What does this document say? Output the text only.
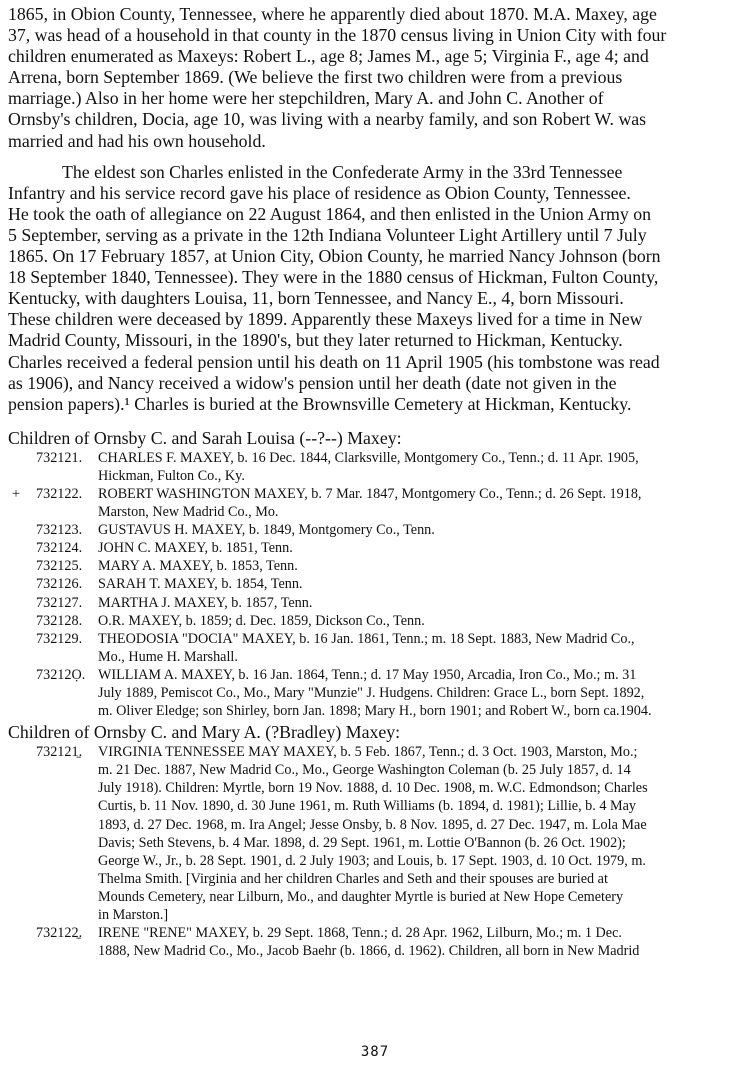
1865, in Obion County, Tennessee, where he apparently died about 1870. M.A. Maxey, age
37, was head of a household in that county in the 1870 census living in Union City with four
children enumerated as Maxeys: Robert L., age 8; James M., age 5; Virginia F., age 4; and
Arrena, born September 1869. (We believe the first two children were from a previous
marriage.) Also in her home were her stepchildren, Mary A. and John C. Another of
Ornsby's children, Docia, age 10, was living with a nearby family, and son Robert W. was
married and had his own household.

The eldest son Charles enlisted in the Confederate Army in the 33rd Tennessee
Infantry and his service record gave his place of residence as Obion County, Tennessee.
He took the oath of allegiance on 22 August 1864, and then enlisted in the Union Army on
5 September, serving as a private in the 12th Indiana Volunteer Light Artillery until 7 July
1865. On 17 February 1857, at Union City, Obion County, he married Nancy Johnson (born
18 September 1840, Tennessee). They were in the 1880 census of Hickman, Fulton County,
Kentucky, with daughters Louisa, 11, born Tennessee, and Nancy E., 4, born Missouri.
These children were deceased by 1899. Apparently these Maxeys lived for a time in New
Madrid County, Missouri, in the 1890's, but they later returned to Hickman, Kentucky.
Charles received a federal pension until his death on 11 April 1905 (his tombstone was read
as 1906), and Nancy received a widow's pension until her death (date not given in the
pension papers).¹ Charles is buried at the Brownsville Cemetery at Hickman, Kentucky.

Children of Ornsby C. and Sarah Louisa (--?--) Maxey:

732121.	CHARLES F. MAXEY, b. 16 Dec. 1844, Clarksville, Montgomery Co., Tenn.; d. 11 Apr. 1905,
Hickman, Fulton Co., Ky.
+	732122.	ROBERT WASHINGTON MAXEY, b. 7 Mar. 1847, Montgomery Co., Tenn.; d. 26 Sept. 1918,
Marston, New Madrid Co., Mo.
732123.	GUSTAVUS H. MAXEY, b. 1849, Montgomery Co., Tenn.
732124.	JOHN C. MAXEY, b. 1851, Tenn.
732125.	MARY A. MAXEY, b. 1853, Tenn.
732126.	SARAH T. MAXEY, b. 1854, Tenn.
732127.	MARTHA J. MAXEY, b. 1857, Tenn.
732128.	O.R. MAXEY, b. 1859; d. Dec. 1859, Dickson Co., Tenn.
732129.	THEODOSIA "DOCIA" MAXEY, b. 16 Jan. 1861, Tenn.; m. 18 Sept. 1883, New Madrid Co.,
Mo., Hume H. Marshall.
73212Ọ. WILLIAM A. MAXEY, b. 16 Jan. 1864, Tenn.; d. 17 May 1950, Arcadia, Iron Co., Mo.; m. 31
July 1889, Pemiscot Co., Mo., Mary "Munzie" J. Hudgens. Children: Grace L., born Sept. 1892,
m. Oliver Eledge; son Shirley, born Jan. 1898; Mary H., born 1901; and Robert W., born ca.1904.

Children of Ornsby C. and Mary A. (?Bradley) Maxey:

732121̱.	VIRGINIA TENNESSEE MAY MAXEY, b. 5 Feb. 1867, Tenn.; d. 3 Oct. 1903, Marston, Mo.;
m. 21 Dec. 1887, New Madrid Co., Mo., George Washington Coleman (b. 25 July 1857, d. 14
July 1918). Children: Myrtle, born 19 Nov. 1888, d. 10 Dec. 1908, m. W.C. Edmondson; Charles
Curtis, b. 11 Nov. 1890, d. 30 June 1961, m. Ruth Williams (b. 1894, d. 1981); Lillie, b. 4 May
1893, d. 27 Dec. 1968, m. Ira Angel; Jesse Onsby, b. 8 Nov. 1895, d. 27 Dec. 1947, m. Lola Mae
Davis; Seth Stevens, b. 4 Mar. 1898, d. 29 Sept. 1961, m. Lottie O'Bannon (b. 26 Oct. 1902);
George W., Jr., b. 28 Sept. 1901, d. 2 July 1903; and Louis, b. 17 Sept. 1903, d. 10 Oct. 1979, m.
Thelma Smith. [Virginia and her children Charles and Seth and their spouses are buried at
Mounds Cemetery, near Lilburn, Mo., and daughter Myrtle is buried at New Hope Cemetery
in Marston.]
732122̱.	IRENE "RENE" MAXEY, b. 29 Sept. 1868, Tenn.; d. 28 Apr. 1962, Lilburn, Mo.; m. 1 Dec.
1888, New Madrid Co., Mo., Jacob Baehr (b. 1866, d. 1962). Children, all born in New Madrid
387
